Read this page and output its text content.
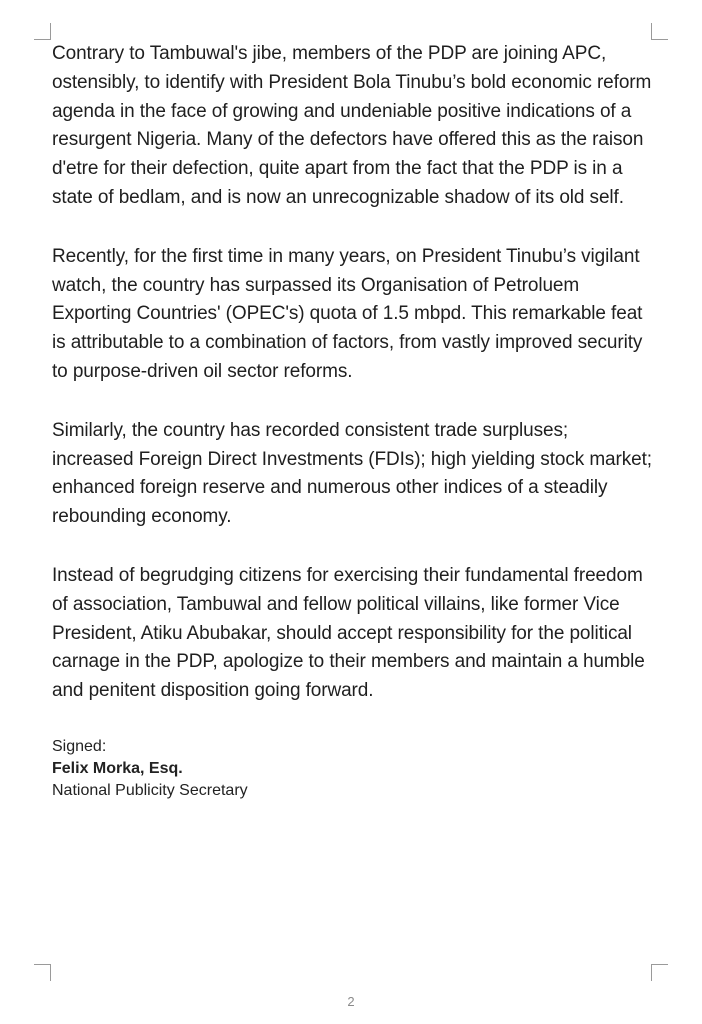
Contrary to Tambuwal's jibe, members of the PDP are joining APC, ostensibly, to identify with President Bola Tinubu’s bold economic reform agenda in the face of growing and undeniable positive indications of a resurgent Nigeria. Many of the defectors have offered this as the raison d'etre for their defection, quite apart from the fact that the PDP is in a state of bedlam, and is now an unrecognizable shadow of its old self.

Recently, for the first time in many years, on President Tinubu’s vigilant watch, the country has surpassed its Organisation of Petroluem Exporting Countries' (OPEC's) quota of 1.5 mbpd. This remarkable feat is attributable to a combination of factors, from vastly improved security to purpose-driven oil sector reforms.

Similarly, the country has recorded consistent trade surpluses; increased Foreign Direct Investments (FDIs); high yielding stock market; enhanced foreign reserve and numerous other indices of a steadily rebounding economy.

Instead of begrudging citizens for exercising their fundamental freedom of association, Tambuwal and fellow political villains, like former Vice President, Atiku Abubakar, should accept responsibility for the political carnage in the PDP, apologize to their members and maintain a humble and penitent disposition going forward.

Signed:
Felix Morka, Esq.
National Publicity Secretary
2
